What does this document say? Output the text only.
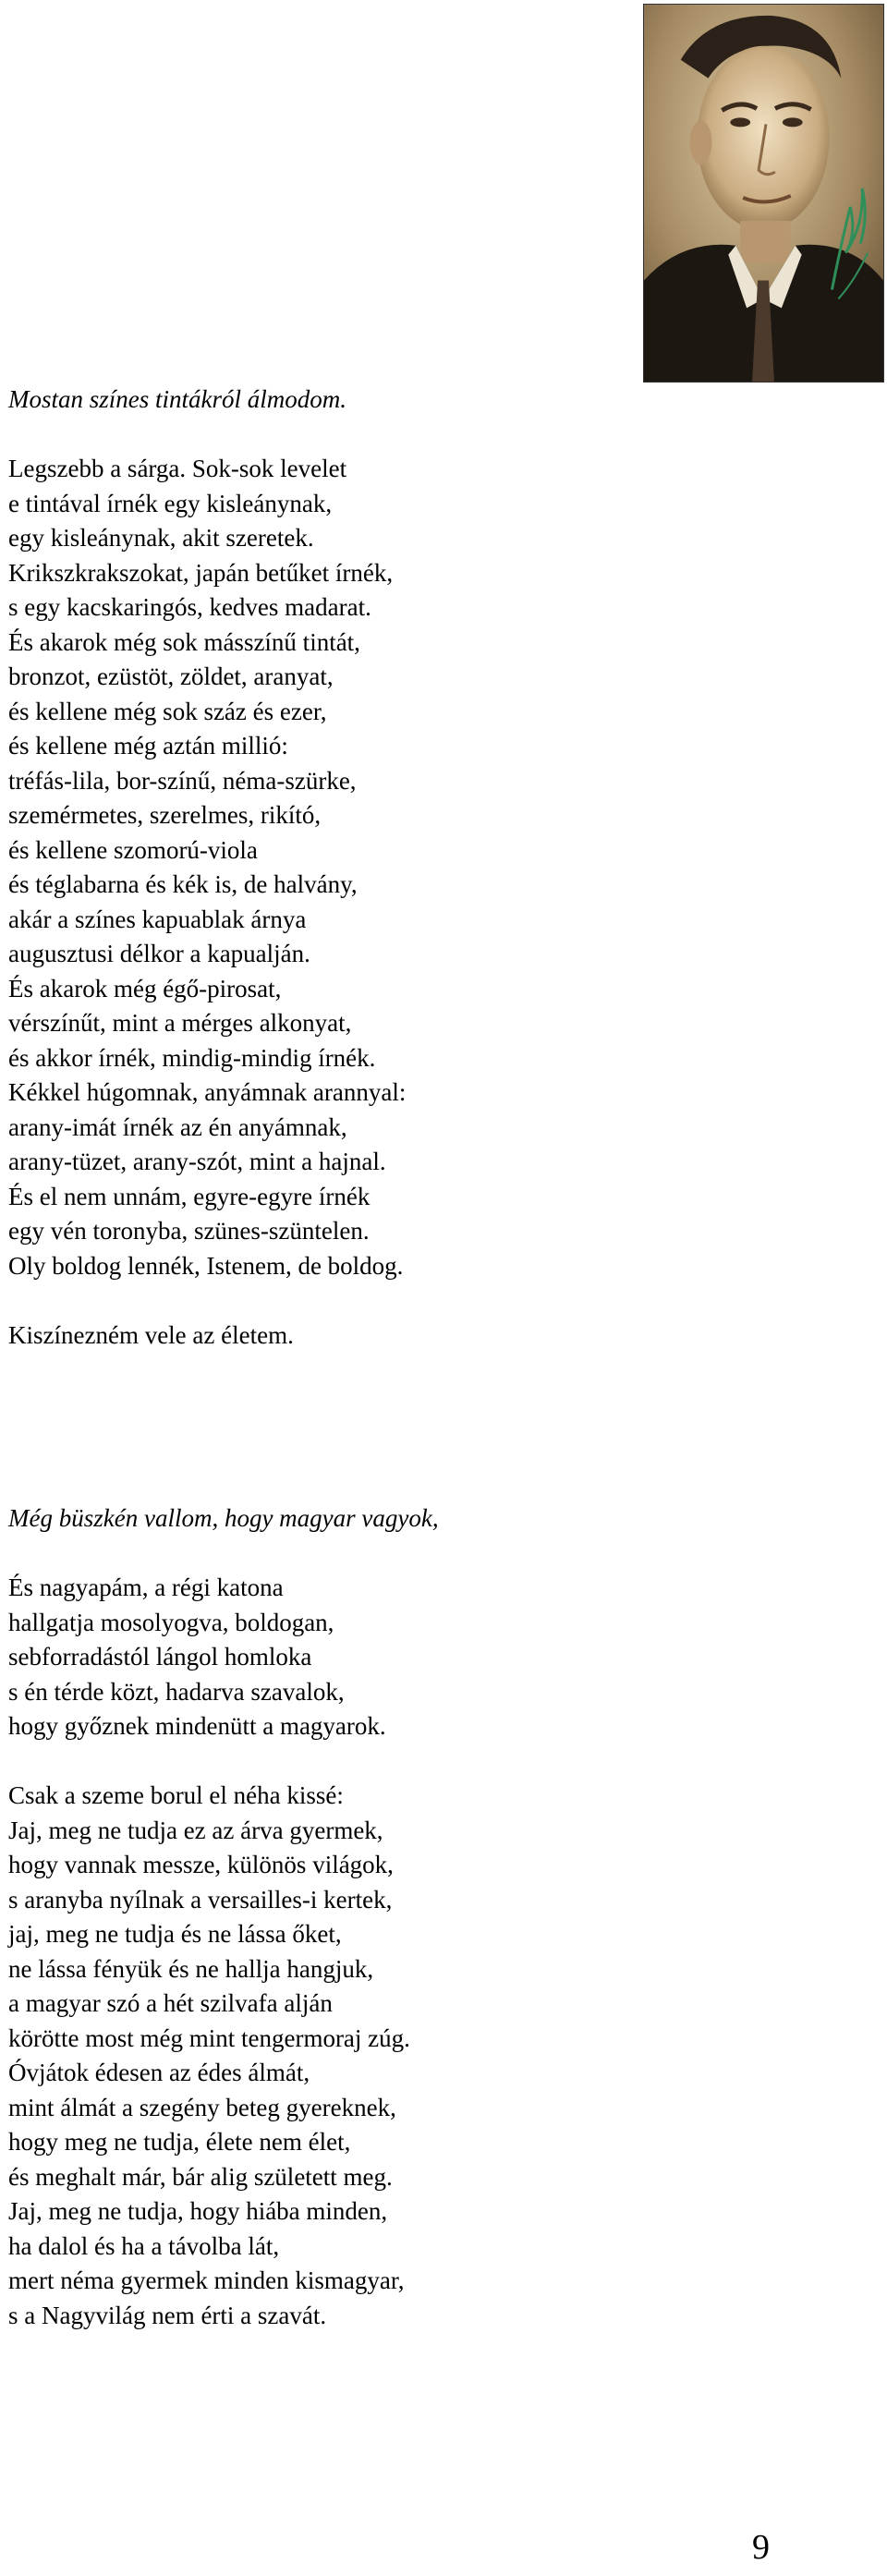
Mostan színes tintákról álmodom.

Legszebb a sárga. Sok-sok levelet

e tintával írnék egy kisleánynak,

egy kisleánynak, akit szeretek.

Krikszkrakszokat, japán betűket írnék,

s egy kacskaringós, kedves madarat.

És akarok még sok másszínű tintát,

bronzot, ezüstöt, zöldet, aranyat,

és kellene még sok száz és ezer,

és kellene még aztán millió:

tréfás-lila, bor-színű, néma-szürke,

szemérmetes, szerelmes, rikító,

és kellene szomorú-viola

és téglabarna és kék is, de halvány,

akár a színes kapuablak árnya

augusztusi délkor a kapualján.

És akarok még égő-pirosat,

vérszínűt, mint a mérges alkonyat,

és akkor írnék, mindig-mindig írnék.

Kékkel húgomnak, anyámnak arannyal:

arany-imát írnék az én anyámnak,

arany-tüzet, arany-szót, mint a hajnal.

És el nem unnám, egyre-egyre írnék

egy vén toronyba, szünes-szüntelen.

Oly boldog lennék, Istenem, de boldog.

Kiszínezném vele az életem.

Még büszkén vallom, hogy magyar vagyok,

És nagyapám, a régi katona

hallgatja mosolyogva, boldogan,

sebforradástól lángol homloka

s én térde közt, hadarva szavalok,

hogy győznek mindenütt a magyarok.

Csak a szeme borul el néha kissé:

Jaj, meg ne tudja ez az árva gyermek,

hogy vannak messze, különös világok,

s aranyba nyílnak a versailles-i kertek,

jaj, meg ne tudja és ne lássa őket,

ne lássa fényük és ne hallja hangjuk,

a magyar szó a hét szilvafa alján

körötte most még mint tengermoraj zúg.

Óvjátok édesen az édes álmát,

mint álmát a szegény beteg gyereknek,

hogy meg ne tudja, élete nem élet,

és meghalt már, bár alig született meg.

Jaj, meg ne tudja, hogy hiába minden,

ha dalol és ha a távolba lát,

mert néma gyermek minden kismagyar,

s a Nagyvilág nem érti a szavát.

9
